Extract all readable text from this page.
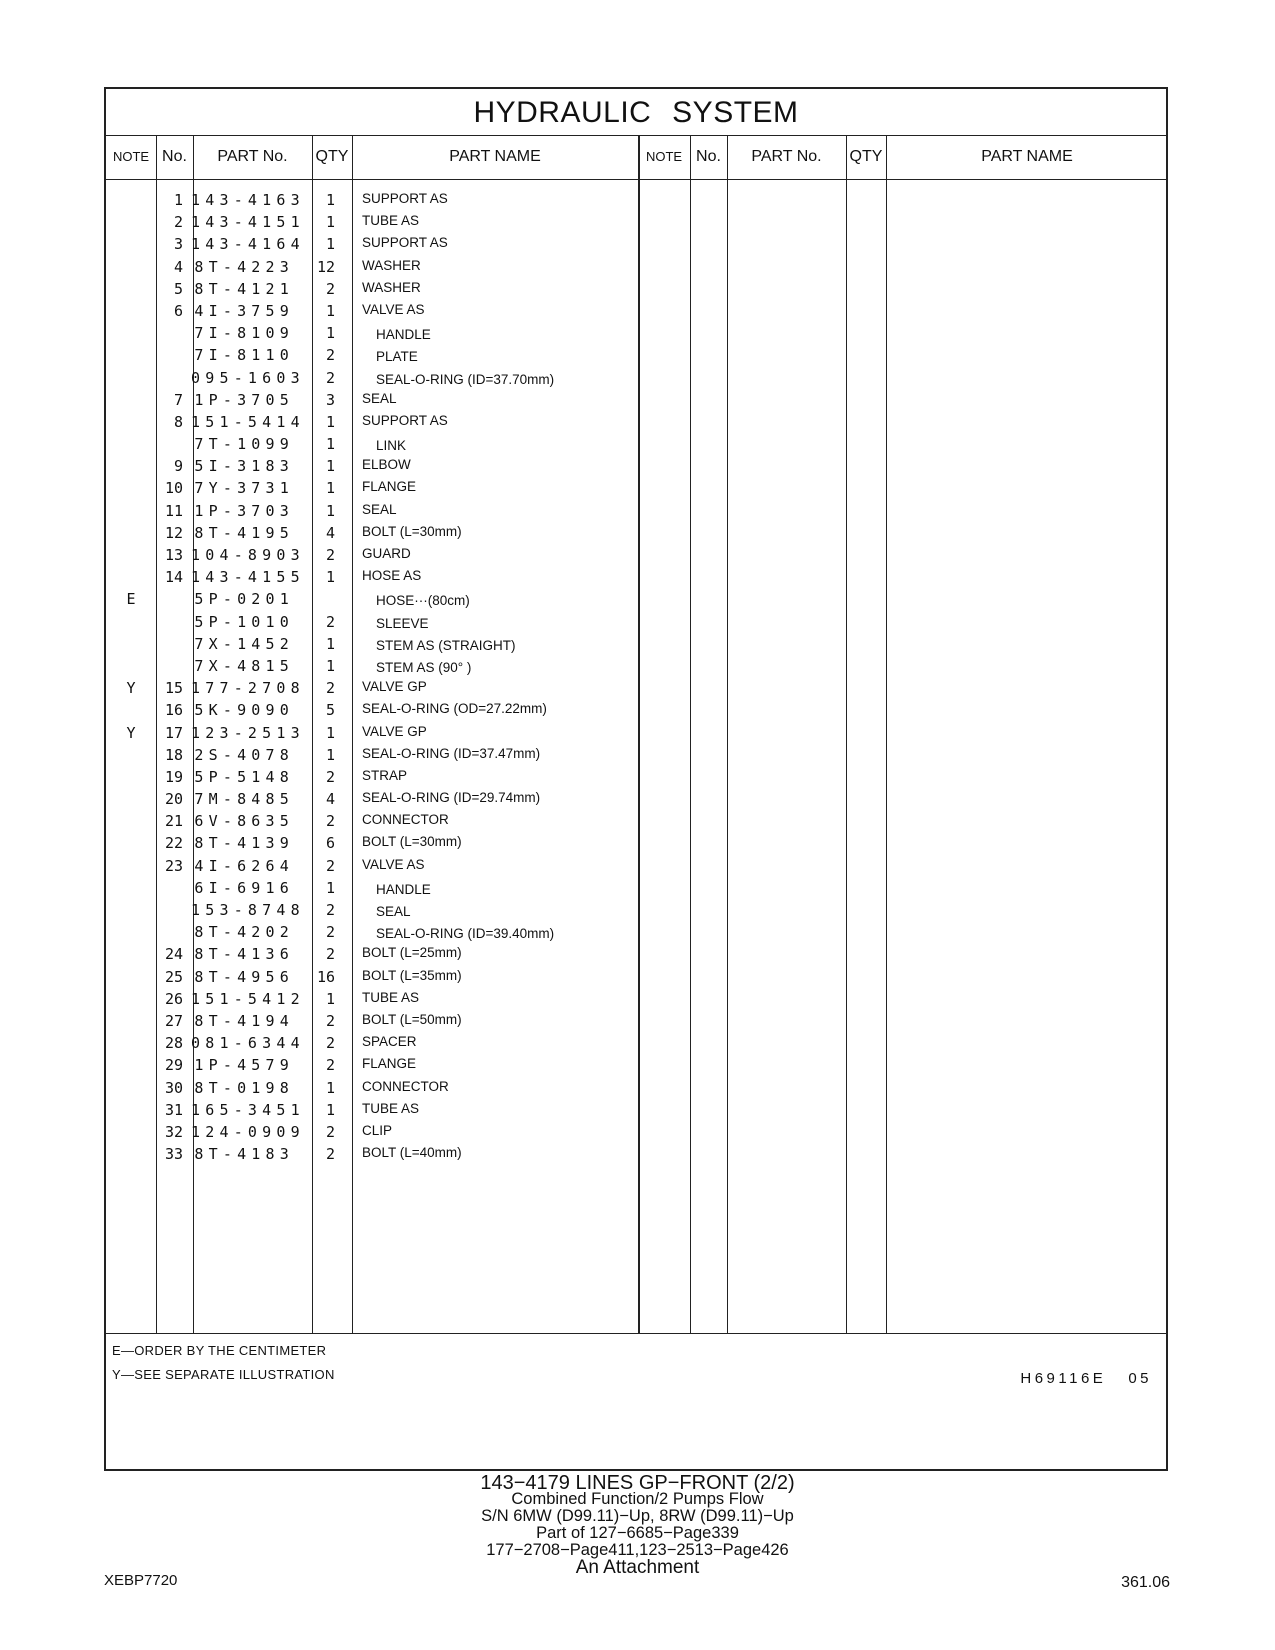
HYDRAULIC SYSTEM
NOTE No.	PART No.	QTY	PART NAME	NOTE No.	PART No.	QTY	PART NAME
1 143-4163	1 SUPPORT AS
2 143-4151	1 TUBE AS
3 143-4164	1 SUPPORT AS
4 8T-4223	12 WASHER
5 8T-4121	2 WASHER
6 4I-3759	1 VALVE AS
7I-8109	1	HANDLE
7I-8110	2	PLATE
095-1603	2	SEAL-O-RING (ID=37.70mm)
7 1P-3705	3 SEAL
8 151-5414	1 SUPPORT AS
7T-1099	1	LINK
9 5I-3183	1 ELBOW
10 7Y-3731	1 FLANGE
11 1P-3703	1 SEAL
12 8T-4195	4 BOLT (L=30mm)
13 104-8903	2 GUARD
14 143-4155	1 HOSE AS
E	5P-0201	HOSE···(80cm)
5P-1010	2	SLEEVE
7X-1452	1	STEM AS (STRAIGHT)
7X-4815	1	STEM AS (90° )
Y	15 177-2708	2 VALVE GP
16 5K-9090	5 SEAL-O-RING (OD=27.22mm)
Y	17 123-2513	1 VALVE GP
18 2S-4078	1 SEAL-O-RING (ID=37.47mm)
19 5P-5148	2 STRAP
20 7M-8485	4 SEAL-O-RING (ID=29.74mm)
21 6V-8635	2 CONNECTOR
22 8T-4139	6 BOLT (L=30mm)
23 4I-6264	2 VALVE AS
6I-6916	1	HANDLE
153-8748	2	SEAL
8T-4202	2	SEAL-O-RING (ID=39.40mm)
24 8T-4136	2 BOLT (L=25mm)
25 8T-4956	16 BOLT (L=35mm)
26 151-5412	1 TUBE AS
27 8T-4194	2 BOLT (L=50mm)
28 081-6344	2 SPACER
29 1P-4579	2 FLANGE
30 8T-0198	1 CONNECTOR
31 165-3451	1 TUBE AS
32 124-0909	2 CLIP
33 8T-4183	2 BOLT (L=40mm)
E—ORDER BY THE CENTIMETER
Y—SEE SEPARATE ILLUSTRATION	H69116E 05
143−4179 LINES GP−FRONT (2/2)
Combined Function/2 Pumps Flow
S/N 6MW (D99.11)−Up, 8RW (D99.11)−Up
Part of 127−6685−Page339
177−2708−Page411,123−2513−Page426
An Attachment
XEBP7720	361.06
